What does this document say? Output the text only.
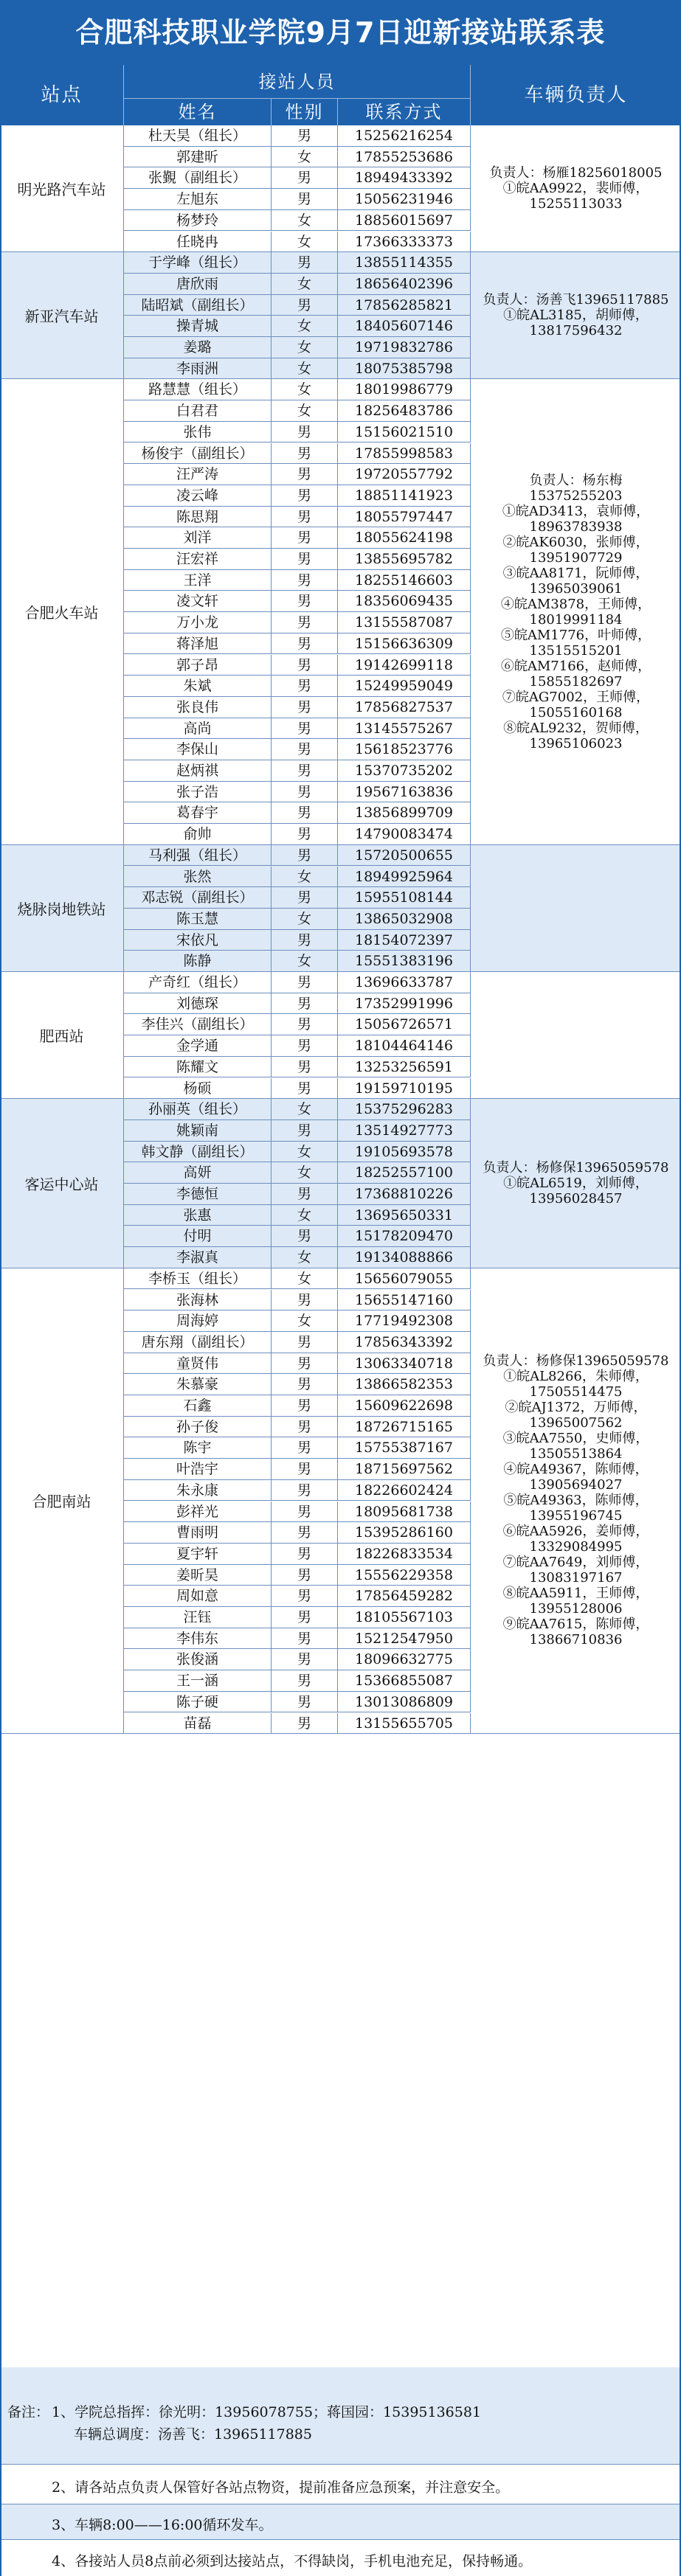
合肥科技职业学院9月7日迎新接站联系表
站点
接站人员
姓名	性别	联系方式
车辆负责人
明光路汽车站
杜天昊（组长）	男	15256216254
郭建昕	女	17855253686
张覲（副组长）	男	18949433392
左旭东	男	15056231946
杨梦玲	女	18856015697
任晓冉	女	17366333373
负责人：杨雁18256018005
①皖AA9922，裴师傅，
15255113033
新亚汽车站
于学峰（组长）	男	13855114355
唐欣雨	女	18656402396
陆昭斌（副组长）	男	17856285821
操青城	女	18405607146
姜璐	女	19719832786
李雨洲	女	18075385798
负责人：汤善飞13965117885
①皖AL3185，胡师傅，
13817596432
合肥火车站
路慧慧（组长）	女	18019986779
白君君	女	18256483786
张伟	男	15156021510
杨俊宇（副组长）	男	17855998583
汪严涛	男	19720557792
凌云峰	男	18851141923
陈思翔	男	18055797447
刘洋	男	18055624198
汪宏祥	男	13855695782
王洋	男	18255146603
凌文轩	男	18356069435
万小龙	男	13155587087
蒋泽旭	男	15156636309
郭子昂	男	19142699118
朱斌	男	15249959049
张良伟	男	17856827537
高尚	男	13145575267
李保山	男	15618523776
赵炳祺	男	15370735202
张子浩	男	19567163836
葛春宇	男	13856899709
俞帅	男	14790083474
负责人：杨东梅
15375255203
①皖AD3413，袁师傅，
18963783938
②皖AK6030，张师傅，
13951907729
③皖AA8171，阮师傅，
13965039061
④皖AM3878，王师傅，
18019991184
⑤皖AM1776，叶师傅，
13515515201
⑥皖AM7166，赵师傅，
15855182697
⑦皖AG7002，王师傅，
15055160168
⑧皖AL9232，贺师傅，
13965106023
烧脉岗地铁站
马利强（组长）	男	15720500655
张然	女	18949925964
邓志锐（副组长）	男	15955108144
陈玉慧	女	13865032908
宋依凡	男	18154072397
陈静	女	15551383196
肥西站
产奇红（组长）	男	13696633787
刘德琛	男	17352991996
李佳兴（副组长）	男	15056726571
金学通	男	18104464146
陈耀文	男	13253256591
杨硕	男	19159710195
客运中心站
孙丽英（组长）	女	15375296283
姚颖南	男	13514927773
韩文静（副组长）	女	19105693578
高妍	女	18252557100
李德恒	男	17368810226
张惠	女	13695650331
付明	男	15178209470
李淑真	女	19134088866
负责人：杨修保13965059578
①皖AL6519，刘师傅，
13956028457
合肥南站
李桥玉（组长）	女	15656079055
张海林	男	15655147160
周海婷	女	17719492308
唐东翔（副组长）	男	17856343392
童贤伟	男	13063340718
朱慕豪	男	13866582353
石鑫	男	15609622698
孙子俊	男	18726715165
陈宇	男	15755387167
叶浩宇	男	18715697562
朱永康	男	18226602424
彭祥光	男	18095681738
曹雨明	男	15395286160
夏宇轩	男	18226833534
姜昕昊	男	15556229358
周如意	男	17856459282
汪钰	男	18105567103
李伟东	男	15212547950
张俊涵	男	18096632775
王一涵	男	15366855087
陈子硬	男	13013086809
苗磊	男	13155655705
负责人：杨修保13965059578
①皖AL8266，朱师傅，
17505514475
②皖AJ1372，万师傅，
13965007562
③皖AA7550，史师傅，
13505513864
④皖A49367，陈师傅，
13905694027
⑤皖A49363，陈师傅，
13955196745
⑥皖AA5926，姜师傅，
13329084995
⑦皖AA7649，刘师傅，
13083197167
⑧皖AA5911，王师傅，
13955128006
⑨皖AA7615，陈师傅，
13866710836
备注： 1、学院总指挥：徐光明：13956078755；蒋国园：15395136581
车辆总调度：汤善飞：13965117885
2、请各站点负责人保管好各站点物资，提前准备应急预案，并注意安全。
3、车辆8:00——16:00循环发车。
4、各接站人员8点前必须到达接站点，不得缺岗，手机电池充足，保持畅通。
